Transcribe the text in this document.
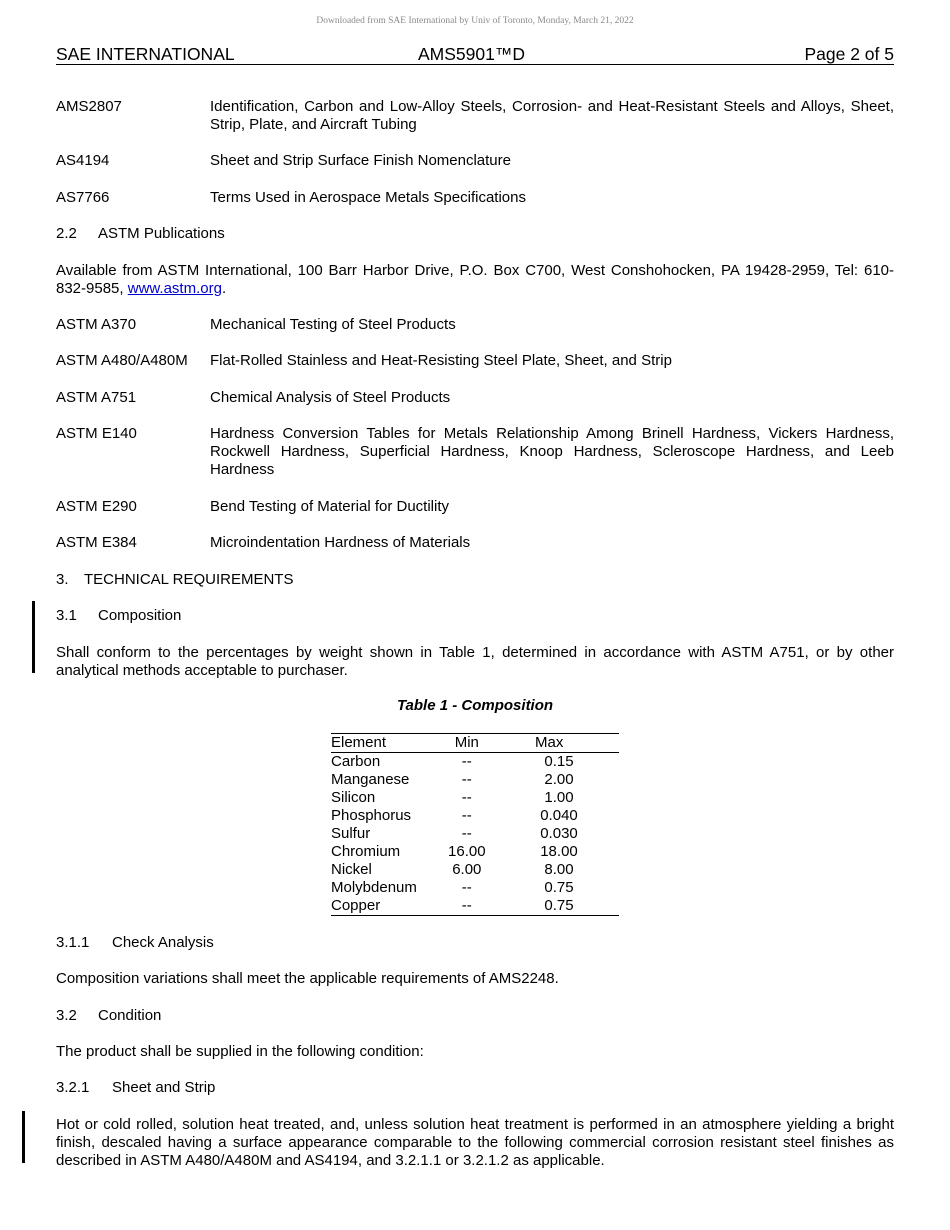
Downloaded from SAE International by Univ of Toronto, Monday, March 21, 2022
SAE INTERNATIONAL	AMS5901™D	Page 2 of 5
AMS2807	Identification, Carbon and Low-Alloy Steels, Corrosion- and Heat-Resistant Steels and Alloys, Sheet, Strip, Plate, and Aircraft Tubing
AS4194	Sheet and Strip Surface Finish Nomenclature
AS7766	Terms Used in Aerospace Metals Specifications
2.2 ASTM Publications
Available from ASTM International, 100 Barr Harbor Drive, P.O. Box C700, West Conshohocken, PA 19428-2959, Tel: 610-832-9585, www.astm.org.
ASTM A370	Mechanical Testing of Steel Products
ASTM A480/A480M Flat-Rolled Stainless and Heat-Resisting Steel Plate, Sheet, and Strip
ASTM A751	Chemical Analysis of Steel Products
ASTM E140	Hardness Conversion Tables for Metals Relationship Among Brinell Hardness, Vickers Hardness, Rockwell Hardness, Superficial Hardness, Knoop Hardness, Scleroscope Hardness, and Leeb Hardness
ASTM E290	Bend Testing of Material for Ductility
ASTM E384	Microindentation Hardness of Materials
3. TECHNICAL REQUIREMENTS
3.1 Composition
Shall conform to the percentages by weight shown in Table 1, determined in accordance with ASTM A751, or by other analytical methods acceptable to purchaser.
Table 1 - Composition
Element	Min	Max
Carbon	--	0.15
Manganese	--	2.00
Silicon	--	1.00
Phosphorus	--	0.040
Sulfur	--	0.030
Chromium	16.00	18.00
Nickel	6.00	8.00
Molybdenum	--	0.75
Copper	--	0.75
3.1.1 Check Analysis
Composition variations shall meet the applicable requirements of AMS2248.
3.2 Condition
The product shall be supplied in the following condition:
3.2.1 Sheet and Strip
Hot or cold rolled, solution heat treated, and, unless solution heat treatment is performed in an atmosphere yielding a bright finish, descaled having a surface appearance comparable to the following commercial corrosion resistant steel finishes as described in ASTM A480/A480M and AS4194, and 3.2.1.1 or 3.2.1.2 as applicable.
